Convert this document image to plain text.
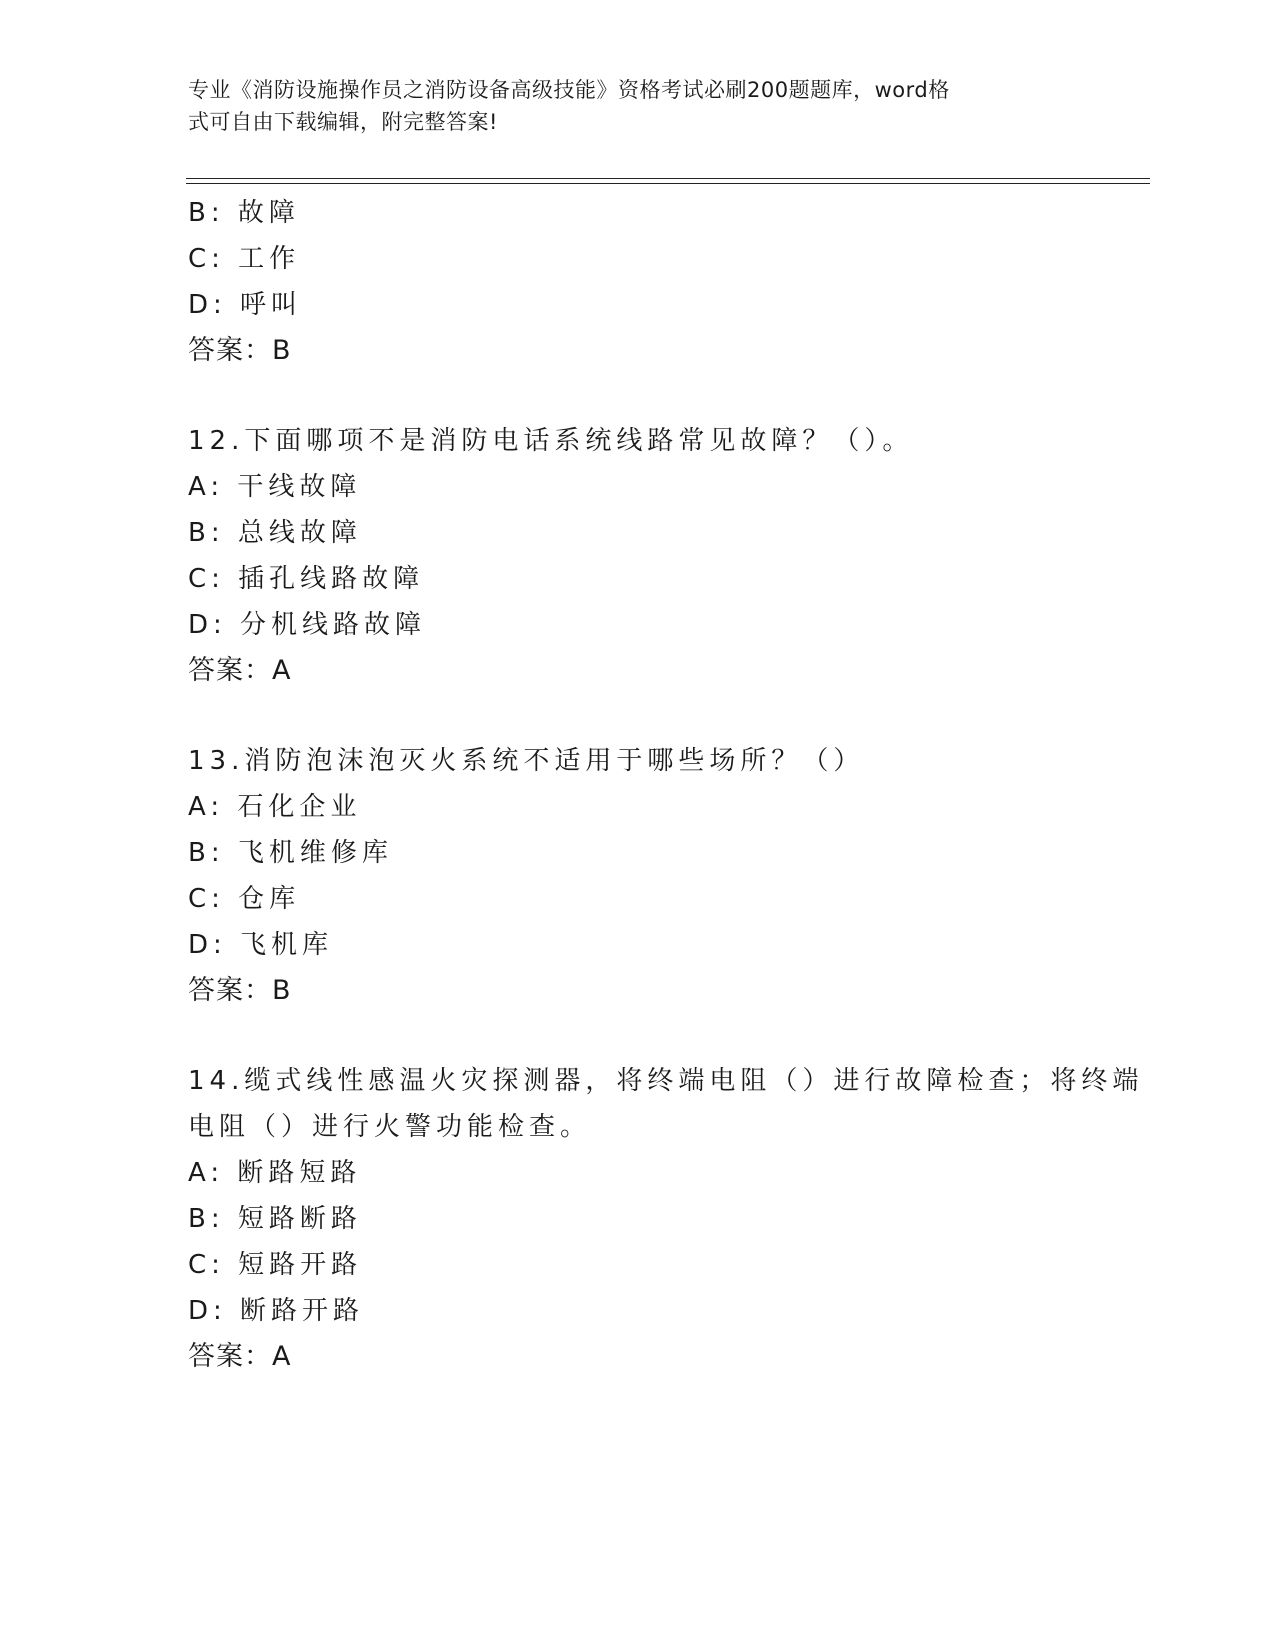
专业《消防设施操作员之消防设备高级技能》资格考试必刷200题题库，word格
式可自由下载编辑，附完整答案!
B: 故障
C: 工作
D: 呼叫
答案：B
12.下面哪项不是消防电话系统线路常见故障？（）。
A: 干线故障
B: 总线故障
C: 插孔线路故障
D: 分机线路故障
答案：A
13.消防泡沫泡灭火系统不适用于哪些场所？（）
A: 石化企业
B: 飞机维修库
C: 仓库
D: 飞机库
答案：B
14.缆式线性感温火灾探测器，将终端电阻（）进行故障检查；将终端
电阻（）进行火警功能检查。
A: 断路短路
B: 短路断路
C: 短路开路
D: 断路开路
答案：A
